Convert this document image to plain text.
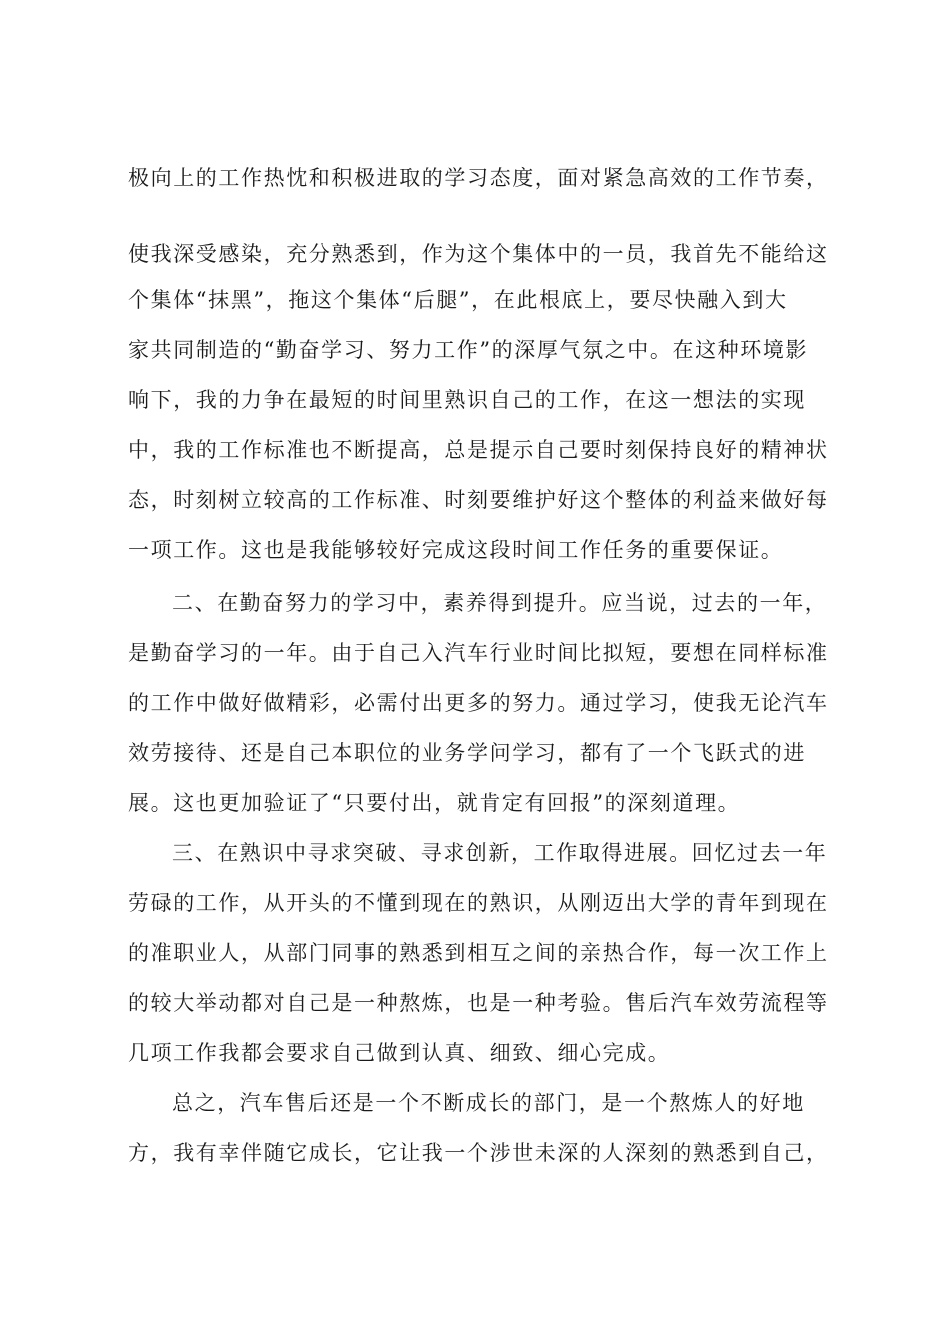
极向上的工作热忱和积极进取的学习态度，面对紧急高效的工作节奏，
使我深受感染，充分熟悉到，作为这个集体中的一员，我首先不能给这
个集体“抹黑”，拖这个集体“后腿”，在此根底上，要尽快融入到大
家共同制造的“勤奋学习、努力工作”的深厚气氛之中。在这种环境影
响下，我的力争在最短的时间里熟识自己的工作，在这一想法的实现
中，我的工作标准也不断提高，总是提示自己要时刻保持良好的精神状
态，时刻树立较高的工作标准、时刻要维护好这个整体的利益来做好每
一项工作。这也是我能够较好完成这段时间工作任务的重要保证。
二、在勤奋努力的学习中，素养得到提升。应当说，过去的一年，
是勤奋学习的一年。由于自己入汽车行业时间比拟短，要想在同样标准
的工作中做好做精彩，必需付出更多的努力。通过学习，使我无论汽车
效劳接待、还是自己本职位的业务学问学习，都有了一个飞跃式的进
展。这也更加验证了“只要付出，就肯定有回报”的深刻道理。
三、在熟识中寻求突破、寻求创新，工作取得进展。回忆过去一年
劳碌的工作，从开头的不懂到现在的熟识，从刚迈出大学的青年到现在
的准职业人，从部门同事的熟悉到相互之间的亲热合作，每一次工作上
的较大举动都对自己是一种熬炼，也是一种考验。售后汽车效劳流程等
几项工作我都会要求自己做到认真、细致、细心完成。
总之，汽车售后还是一个不断成长的部门，是一个熬炼人的好地
方，我有幸伴随它成长，它让我一个涉世未深的人深刻的熟悉到自己，
